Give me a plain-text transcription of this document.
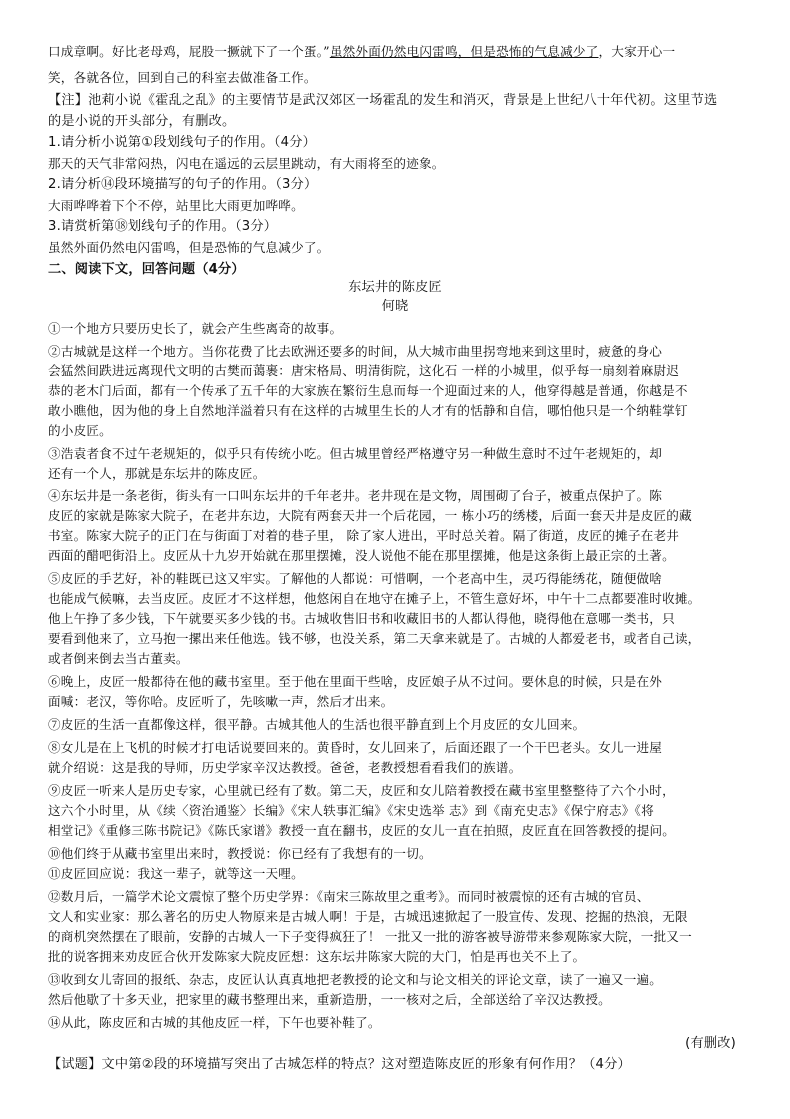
口成章啊。好比老母鸡，屁股一撅就下了一个蛋。”虽然外面仍然电闪雷鸣，但是恐怖的气息减少了，大家开心一
笑，各就各位，回到自己的科室去做准备工作。
【注】池莉小说《霍乱之乱》的主要情节是武汉郊区一场霍乱的发生和消灭，背景是上世纪八十年代初。这里节选
的是小说的开头部分，有删改。
1.请分析小说第①段划线句子的作用。（4分）
那天的天气非常闷热，闪电在遥远的云层里跳动，有大雨将至的迹象。
2.请分析⑭段环境描写的句子的作用。（3分）
大雨哗哗着下个不停，站里比大雨更加哗哗。
3.请赏析第⑱划线句子的作用。（3分）
虽然外面仍然电闪雷鸣，但是恐怖的气息减少了。
二、阅读下文，回答问题（4分）
东坛井的陈皮匠
何晓
①一个地方只要历史长了，就会产生些离奇的故事。
②古城就是这样一个地方。当你花费了比去欧洲还要多的时间，从大城市曲里拐弯地来到这里时，疲惫的身心
会猛然间跌进远离现代文明的古樊而蔼裹：唐宋格局、明清街院，这化石 一样的小城里，似乎每一扇刻着麻尉迟
恭的老木门后面，都有一个传承了五千年的大家族在繁衍生息而每一个迎面过来的人，他穿得越是普通，你越是不
敢小瞧他，因为他的身上自然地洋溢着只有在这样的古城里生长的人才有的恬静和自信，哪怕他只是一个纳鞋掌钉
的小皮匠。
③浩袁者食不过午老规矩的，似乎只有传统小吃。但古城里曾经严格遵守另一种做生意时不过午老规矩的，却
还有一个人，那就是东坛井的陈皮匠。
④东坛井是一条老街，街头有一口叫东坛井的千年老井。老井现在是文物，周围砌了台子，被重点保护了。陈
皮匠的家就是陈家大院子，在老井东边，大院有两套天井一个后花园，一 栋小巧的绣楼，后面一套天井是皮匠的藏
书室。陈家大院子的正门在与街面丁对着的巷子里， 除了家人进出，平时总关着。隔了街道，皮匠的摊子在老井
西面的醋吧街沿上。皮匠从十九岁开始就在那里摆摊，没人说他不能在那里摆摊，他是这条街上最正宗的土著。
⑤皮匠的手艺好，补的鞋既已这又牢实。了解他的人都说：可惜啊，一个老高中生，灵巧得能绣花，随便做啥
也能成气候嘛，去当皮匠。皮匠才不这样想，他悠闲自在地守在摊子上，不管生意好坏，中午十二点都要准时收摊。
他上午挣了多少钱，下午就要买多少钱的书。古城收售旧书和收藏旧书的人都认得他，晓得他在意哪一类书，只
要看到他来了，立马抱一摞出来任他选。钱不够，也没关系，第二天拿来就是了。古城的人都爱老书，或者自己读，
或者倒来倒去当古董卖。
⑥晚上，皮匠一般都待在他的藏书室里。至于他在里面干些啥，皮匠娘子从不过问。要休息的时候，只是在外
面喊：老汉，等你哈。皮匠听了，先咳嗽一声，然后才出来。
⑦皮匠的生活一直都像这样，很平静。古城其他人的生活也很平静直到上个月皮匠的女儿回来。
⑧女儿是在上飞机的时候才打电话说要回来的。黄昏时，女儿回来了，后面还跟了一个干巴老头。女儿一进屋
就介绍说：这是我的导师，历史学家辛汉达教授。爸爸，老教授想看看我们的族谱。
⑨皮匠一听来人是历史专家，心里就已经有了数。第二天，皮匠和女儿陪着教授在藏书室里整整待了六个小时，
这六个小时里，从《续〈资治通鉴〉长编》《宋人轶事汇编》《宋史选举 志》到《南充史志》《保宁府志》《将
相堂记》《重修三陈书院记》《陈氏家谱》教授一直在翻书，皮匠的女儿一直在拍照，皮匠直在回答教授的提问。
⑩他们终于从藏书室里出来时，教授说：你已经有了我想有的一切。
⑪皮匠回应说：我这一辈子，就等这一天哩。
⑫数月后，一篇学术论文震惊了整个历史学界：《南宋三陈故里之重考》。而同时被震惊的还有古城的官员、
文人和实业家：那么著名的历史人物原来是古城人啊！于是，古城迅速掀起了一股宣传、发现、挖掘的热浪，无限
的商机突然摆在了眼前，安静的古城人一下子变得疯狂了！ 一批又一批的游客被导游带来参观陈家大院，一批又一
批的说客拥来劝皮匠合伙开发陈家大院皮匠想：这东坛井陈家大院的大门，怕是再也关不上了。
⑬收到女儿寄回的报纸、杂志，皮匠认认真真地把老教授的论文和与论文相关的评论文章，读了一遍又一遍。
然后他歇了十多天业，把家里的藏书整理出来，重新造册，一一核对之后，全部送给了辛汉达教授。
⑭从此，陈皮匠和古城的其他皮匠一样，下午也要补鞋了。
(有删改)
【试题】文中第②段的环境描写突出了古城怎样的特点？这对塑造陈皮匠的形象有何作用？（4分）
